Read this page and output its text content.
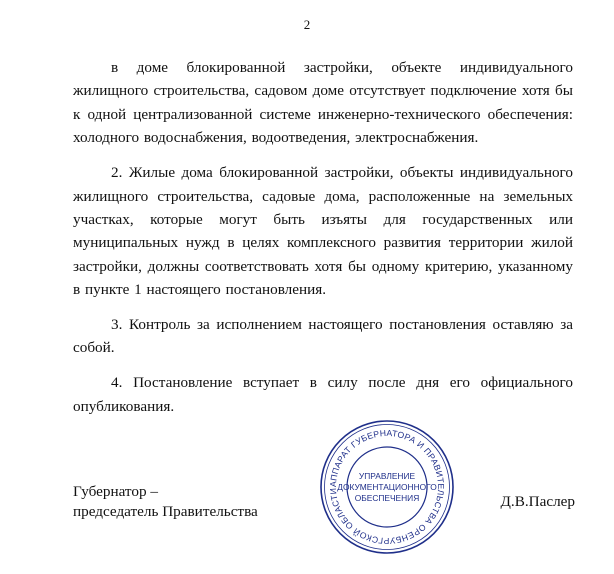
2

в доме блокированной застройки, объекте индивидуального жилищного строительства, садовом доме отсутствует подключение хотя бы к одной централизованной системе инженерно-технического обеспечения: холодного водоснабжения, водоотведения, электроснабжения.

2. Жилые дома блокированной застройки, объекты индивидуального жилищного строительства, садовые дома, расположенные на земельных участках, которые могут быть изъяты для государственных или муниципальных нужд в целях комплексного развития территории жилой застройки, должны соответствовать хотя бы одному критерию, указанному в пункте 1 настоящего постановления.

3. Контроль за исполнением настоящего постановления оставляю за собой.

4. Постановление вступает в силу после дня его официального опубликования.

Губернатор –
председатель Правительства
АППАРАТ ГУБЕРНАТОРА И ПРАВИТЕЛЬСТВА ОРЕНБУРГСКОЙ ОБЛАСТИ
УПРАВЛЕНИЕ
ДОКУМЕНТАЦИОННОГО
ОБЕСПЕЧЕНИЯ	Д.В.Паслер
